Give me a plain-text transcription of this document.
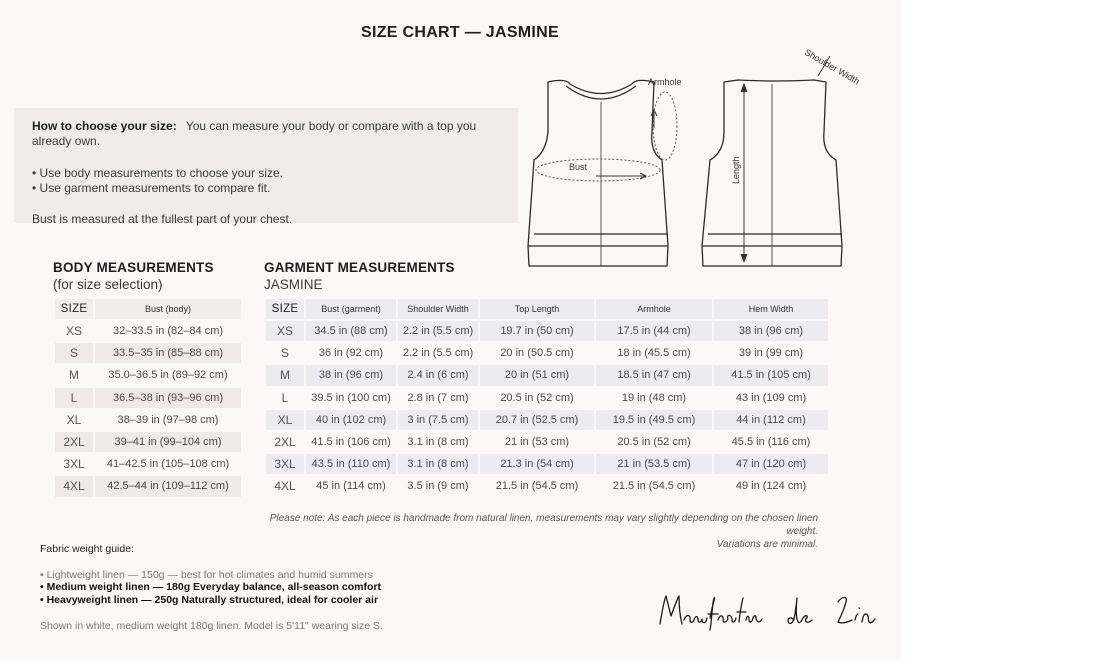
SIZE CHART — JASMINE
How to choose your size: You can measure your body or compare with a top you already own.
• Use body measurements to choose your size.
• Use garment measurements to compare fit.
Bust is measured at the fullest part of your chest.
Armhole
Bust	Length
Shoulder Width
BODY MEASUREMENTS
(for size selection)
GARMENT MEASUREMENTS
JASMINE
SIZE	Bust (body)
XS	32–33.5 in (82–84 cm)
S	33.5–35 in (85–88 cm)
M	35.0–36.5 in (89–92 cm)
L	36.5–38 in (93–96 cm)
XL	38–39 in (97–98 cm)
2XL	39–41 in (99–104 cm)
3XL	41–42.5 in (105–108 cm)
4XL	42.5–44 in (109–112 cm)
SIZE	Bust (garment)	Shoulder Width	Top Length	Armhole	Hem Width
XS	34.5 in (88 cm)	2.2 in (5.5 cm)	19.7 in (50 cm)	17.5 in (44 cm)	38 in (96 cm)
S	36 in (92 cm)	2.2 in (5.5 cm)	20 in (50.5 cm)	18 in (45.5 cm)	39 in (99 cm)
M	38 in (96 cm)	2.4 in (6 cm)	20 in (51 cm)	18.5 in (47 cm)	41.5 in (105 cm)
L	39.5 in (100 cm)	2.8 in (7 cm)	20.5 in (52 cm)	19 in (48 cm)	43 in (109 cm)
XL	40 in (102 cm)	3 in (7.5 cm)	20.7 in (52.5 cm)	19.5 in (49.5 cm)	44 in (112 cm)
2XL	41.5 in (106 cm)	3.1 in (8 cm)	21 in (53 cm)	20.5 in (52 cm)	45.5 in (116 cm)
3XL	43.5 in (110 cm)	3.1 in (8 cm)	21.3 in (54 cm)	21 in (53.5 cm)	47 in (120 cm)
4XL	45 in (114 cm)	3.5 in (9 cm)	21.5 in (54.5 cm)	21.5 in (54.5 cm)	49 in (124 cm)
Please note: As each piece is handmade from natural linen, measurements may vary slightly depending on the chosen linen weight.
Variations are minimal.
Fabric weight guide:
• Lightweight linen — 150g — best for hot climates and humid summers
• Medium weight linen — 180g Everyday balance, all-season comfort
• Heavyweight linen — 250g Naturally structured, ideal for cooler air
Shown in white, medium weight 180g linen. Model is 5'11" wearing size S.
